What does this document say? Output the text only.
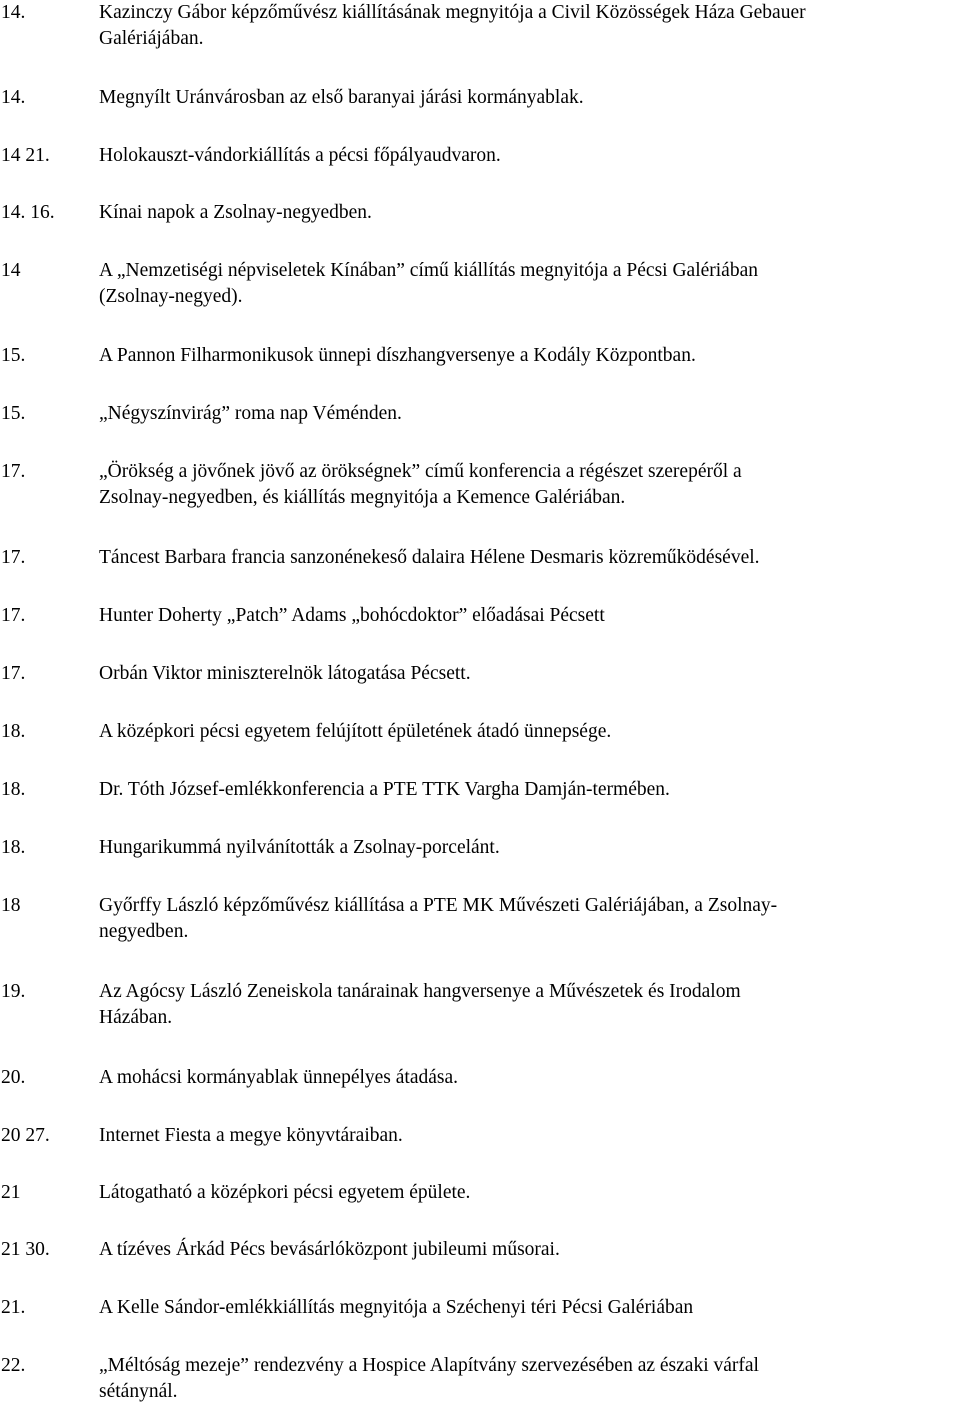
14.	Kazinczy Gábor képzőművész kiállításának megnyitója a Civil Közösségek Háza Gebauer
Galériájában.
14.	Megnyílt Uránvárosban az első baranyai járási kormányablak.
14 21.	Holokauszt-vándorkiállítás a pécsi főpályaudvaron.
14. 16.	Kínai napok a Zsolnay-negyedben.
14	A „Nemzetiségi népviseletek Kínában” című kiállítás megnyitója a Pécsi Galériában
(Zsolnay-negyed).
15.	A Pannon Filharmonikusok ünnepi díszhangversenye a Kodály Központban.
15.	„Négyszínvirág” roma nap Véménden.
17.	„Örökség a jövőnek jövő az örökségnek” című konferencia a régészet szerepéről a
Zsolnay-negyedben, és kiállítás megnyitója a Kemence Galériában.
17.	Táncest Barbara francia sanzonénekeső dalaira Hélene Desmaris közreműködésével.
17.	Hunter Doherty „Patch” Adams „bohócdoktor” előadásai Pécsett
17.	Orbán Viktor miniszterelnök látogatása Pécsett.
18.	A középkori pécsi egyetem felújított épületének átadó ünnepsége.
18.	Dr. Tóth József-emlékkonferencia a PTE TTK Vargha Damján-termében.
18.	Hungarikummá nyilvánították a Zsolnay-porcelánt.
18	Győrffy László képzőművész kiállítása a PTE MK Művészeti Galériájában, a Zsolnay-
negyedben.
19.	Az Agócsy László Zeneiskola tanárainak hangversenye a Művészetek és Irodalom
Házában.
20.	A mohácsi kormányablak ünnepélyes átadása.
20 27.	Internet Fiesta a megye könyvtáraiban.
21	Látogatható a középkori pécsi egyetem épülete.
21 30.	A tízéves Árkád Pécs bevásárlóközpont jubileumi műsorai.
21.	A Kelle Sándor-emlékkiállítás megnyitója a Széchenyi téri Pécsi Galériában
22.	„Méltóság mezeje” rendezvény a Hospice Alapítvány szervezésében az északi várfal
sétánynál.
